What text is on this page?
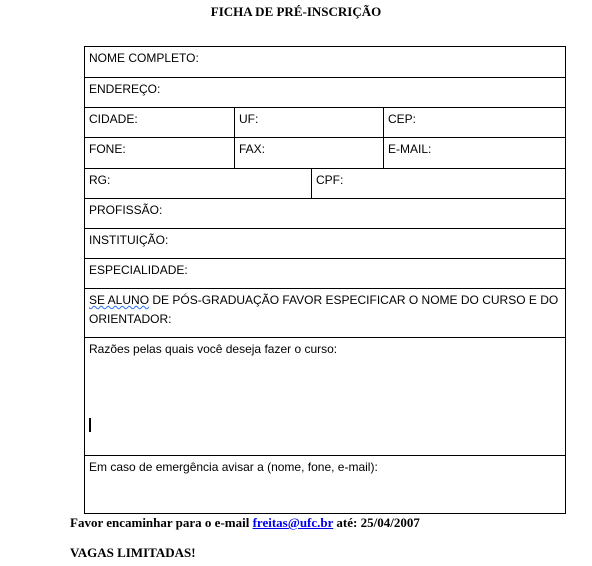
FICHA DE PRÉ-INSCRIÇÃO
NOME COMPLETO:
ENDEREÇO:
CIDADE:	UF:	CEP:
FONE:	FAX:	E-MAIL:
RG:	CPF:
PROFISSÃO:
INSTITUIÇÃO:
ESPECIALIDADE:
SE ALUNO DE PÓS-GRADUAÇÃO FAVOR ESPECIFICAR O NOME DO CURSO E DO ORIENTADOR:
Razões pelas quais você deseja fazer o curso:
Em caso de emergência avisar a (nome, fone, e-mail):
Favor encaminhar para o e-mail freitas@ufc.br até: 25/04/2007
VAGAS LIMITADAS!
